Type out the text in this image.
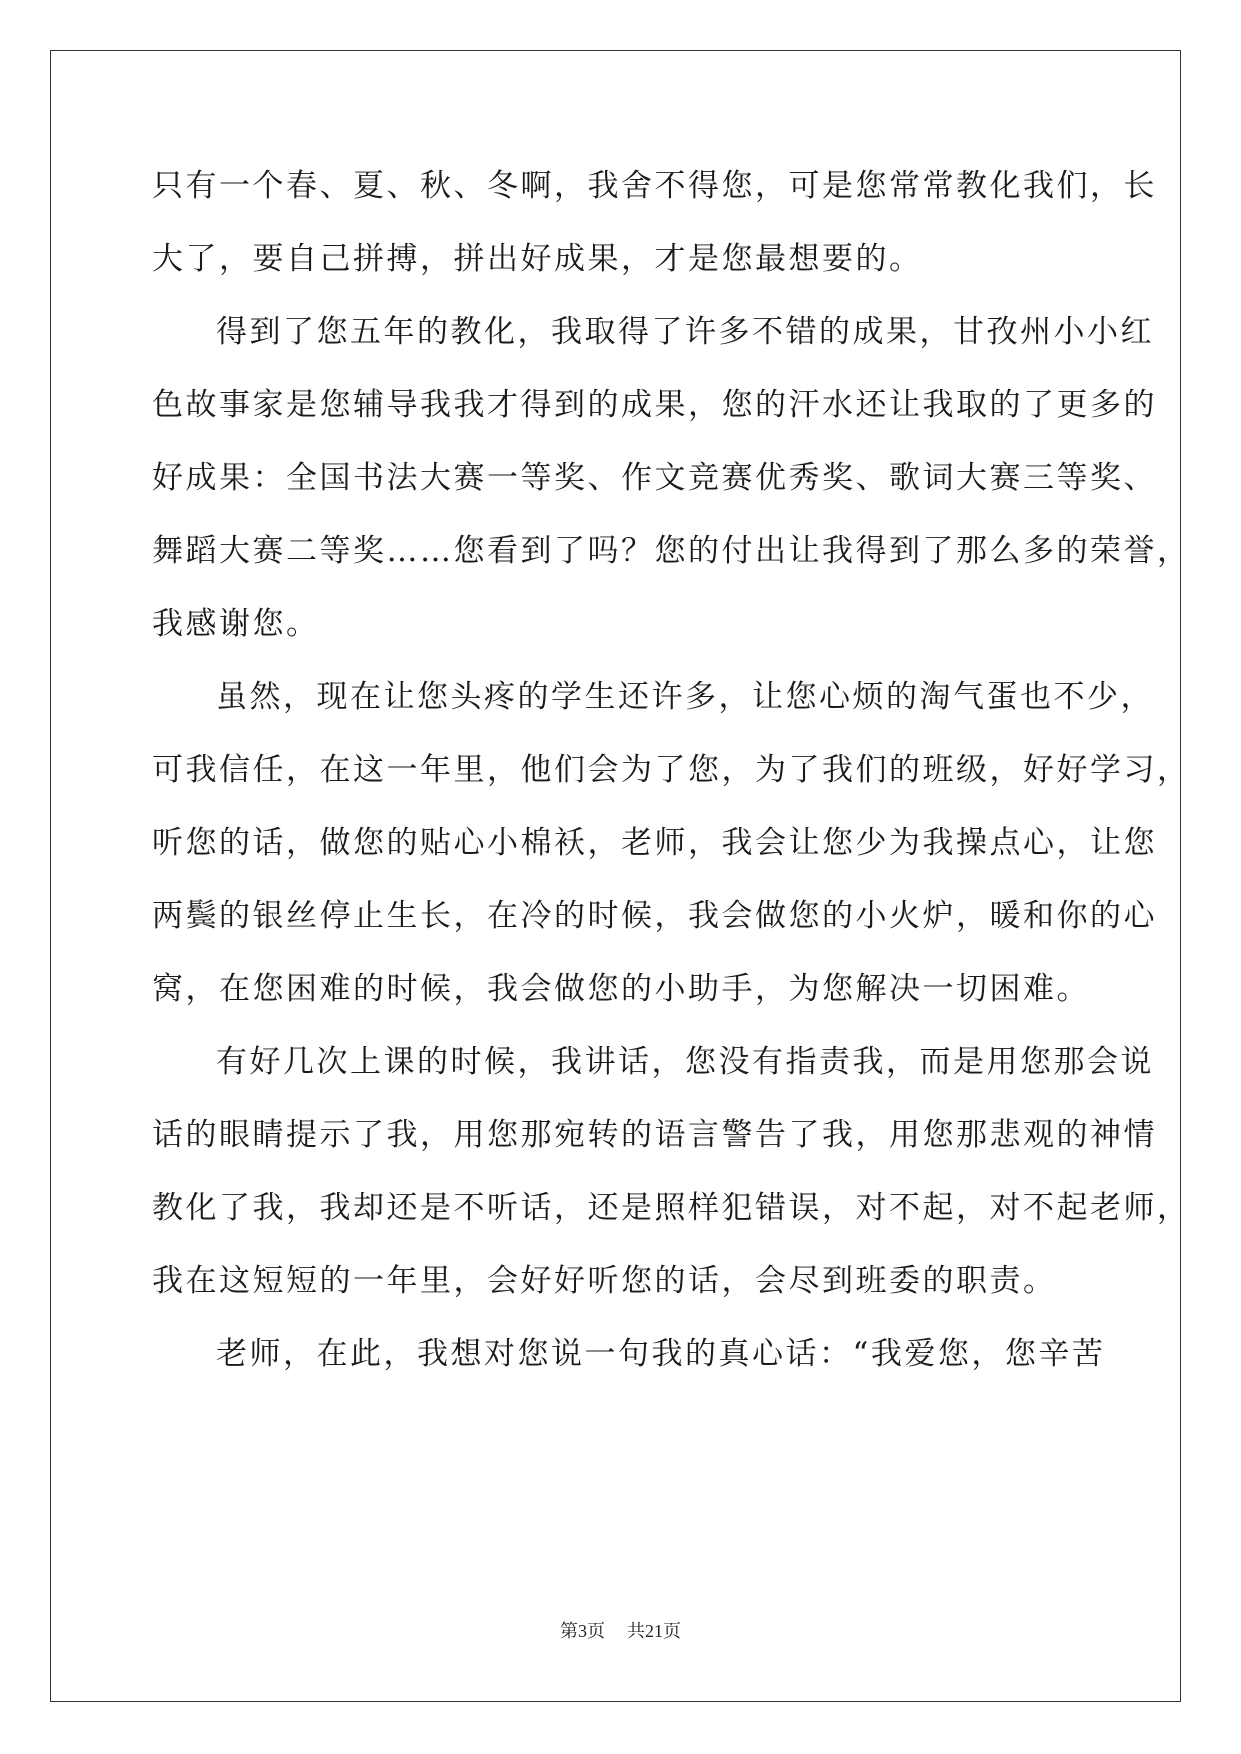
只有一个春、夏、秋、冬啊，我舍不得您，可是您常常教化我们，长

大了，要自己拼搏，拼出好成果，才是您最想要的。

得到了您五年的教化，我取得了许多不错的成果，甘孜州小小红

色故事家是您辅导我我才得到的成果，您的汗水还让我取的了更多的

好成果：全国书法大赛一等奖、作文竞赛优秀奖、歌词大赛三等奖、

舞蹈大赛二等奖……您看到了吗？您的付出让我得到了那么多的荣誉，

我感谢您。

虽然，现在让您头疼的学生还许多，让您心烦的淘气蛋也不少，

可我信任，在这一年里，他们会为了您，为了我们的班级，好好学习，

听您的话，做您的贴心小棉袄，老师，我会让您少为我操点心，让您

两鬓的银丝停止生长，在冷的时候，我会做您的小火炉，暖和你的心

窝，在您困难的时候，我会做您的小助手，为您解决一切困难。

有好几次上课的时候，我讲话，您没有指责我，而是用您那会说

话的眼睛提示了我，用您那宛转的语言警告了我，用您那悲观的神情

教化了我，我却还是不听话，还是照样犯错误，对不起，对不起老师，

我在这短短的一年里，会好好听您的话，会尽到班委的职责。

老师，在此，我想对您说一句我的真心话：“我爱您，您辛苦

第3页 共21页
